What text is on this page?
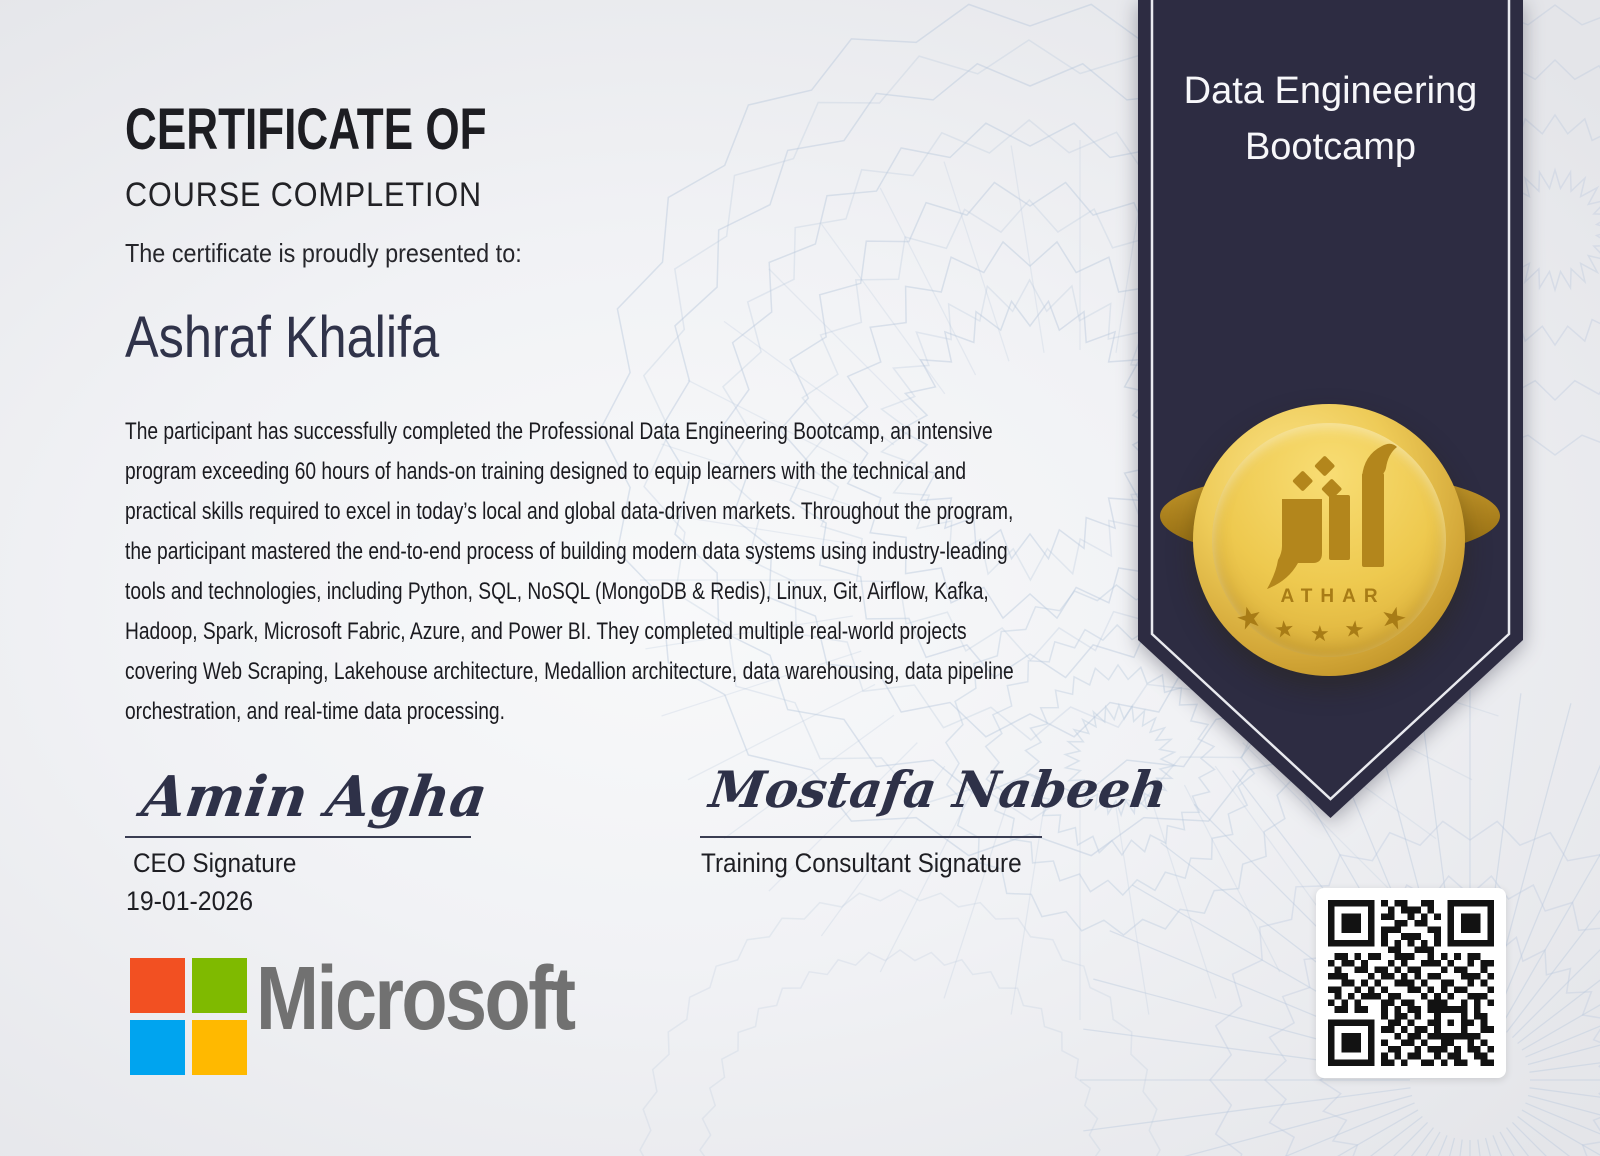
CERTIFICATE OF
COURSE COMPLETION
The certificate is proudly presented to:
Ashraf Khalifa
The participant has successfully completed the Professional Data Engineering Bootcamp, an intensive program exceeding 60 hours of hands-on training designed to equip learners with the technical and practical skills required to excel in today’s local and global data-driven markets. Throughout the program, the participant mastered the end-to-end process of building modern data systems using industry-leading tools and technologies, including Python, SQL, NoSQL (MongoDB & Redis), Linux, Git, Airflow, Kafka, Hadoop, Spark, Microsoft Fabric, Azure, and Power BI. They completed multiple real-world projects covering Web Scraping, Lakehouse architecture, Medallion architecture, data warehousing, data pipeline orchestration, and real-time data processing.
Amin Agha
CEO Signature
19-01-2026
Mostafa Nabeeh
Training Consultant Signature
Microsoft
Data Engineering
Bootcamp
ATHAR
★ ★ ★ ★ ★
